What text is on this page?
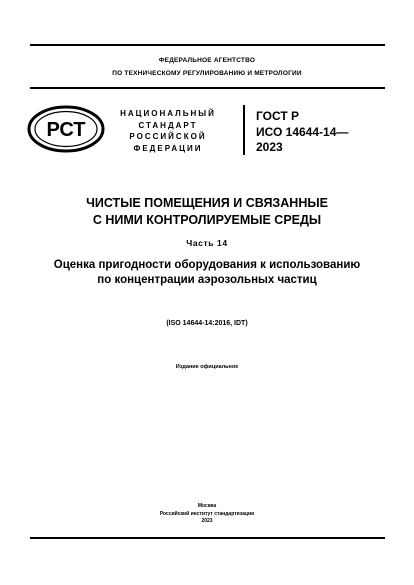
ФЕДЕРАЛЬНОЕ АГЕНТСТВО
ПО ТЕХНИЧЕСКОМУ РЕГУЛИРОВАНИЮ И МЕТРОЛОГИИ
РСТ
НАЦИОНАЛЬНЫЙ
СТАНДАРТ
РОССИЙСКОЙ
ФЕДЕРАЦИИ
ГОСТ Р
ИСО 14644-14—
2023
ЧИСТЫЕ ПОМЕЩЕНИЯ И СВЯЗАННЫЕ
С НИМИ КОНТРОЛИРУЕМЫЕ СРЕДЫ
Часть 14
Оценка пригодности оборудования к использованию
по концентрации аэрозольных частиц
(ISO 14644-14:2016, IDT)
Издание официальное
Москва
Российский институт стандартизации
2023
